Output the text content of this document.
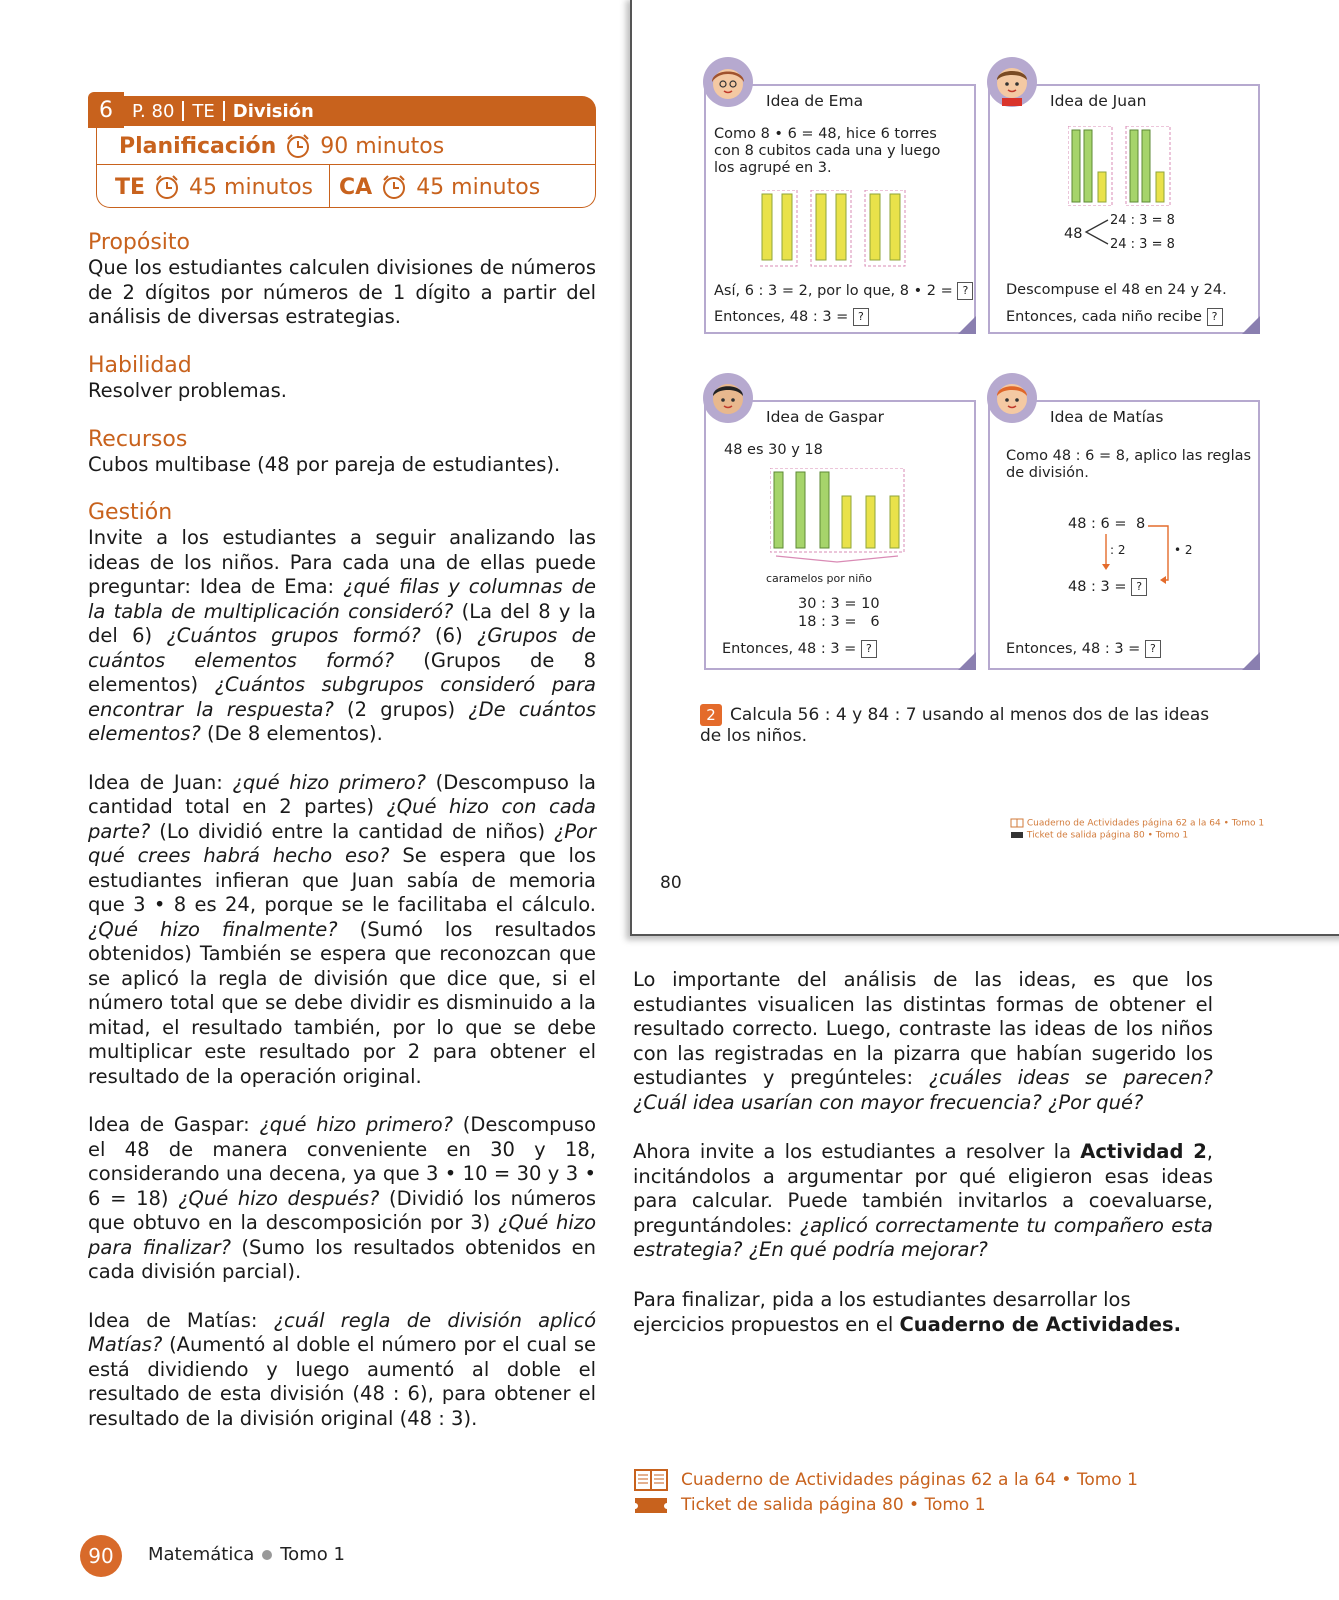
6	P. 80 TE División
Planificación 90 minutos
TE 45 minutos CA 45 minutos
Propósito
Que los estudiantes calculen divisiones de números de 2 dígitos por números de 1 dígito a partir del análisis de diversas estrategias.
Habilidad
Resolver problemas.
Recursos
Cubos multibase (48 por pareja de estudiantes).
Gestión
Invite a los estudiantes a seguir analizando las ideas de los niños. Para cada una de ellas puede preguntar: Idea de Ema: ¿qué filas y columnas de la tabla de multiplicación consideró? (La del 8 y la del 6) ¿Cuántos grupos formó? (6) ¿Grupos de cuántos elementos formó? (Grupos de 8 elementos) ¿Cuántos subgrupos consideró para encontrar la respuesta? (2 grupos) ¿De cuántos elementos? (De 8 elementos).
Idea de Juan: ¿qué hizo primero? (Descompuso la cantidad total en 2 partes) ¿Qué hizo con cada parte? (Lo dividió entre la cantidad de niños) ¿Por qué crees habrá hecho eso? Se espera que los estudiantes infieran que Juan sabía de memoria que 3 • 8 es 24, porque se le facilitaba el cálculo. ¿Qué hizo finalmente? (Sumó los resultados obtenidos) También se espera que reconozcan que se aplicó la regla de división que dice que, si el número total que se debe dividir es disminuido a la mitad, el resultado también, por lo que se debe multiplicar este resultado por 2 para obtener el resultado de la operación original.
Idea de Gaspar: ¿qué hizo primero? (Descompuso el 48 de manera conveniente en 30 y 18, considerando una decena, ya que 3 • 10 = 30 y 3 • 6 = 18) ¿Qué hizo después? (Dividió los números que obtuvo en la descomposición por 3) ¿Qué hizo para finalizar? (Sumo los resultados obtenidos en cada división parcial).
Idea de Matías: ¿cuál regla de división aplicó Matías? (Aumentó al doble el número por el cual se está dividiendo y luego aumentó al doble el resultado de esta división (48 : 6), para obtener el resultado de la división original (48 : 3).
Idea de Ema
Como 8 • 6 = 48, hice 6 torres con 8 cubitos cada una y luego los agrupé en 3.
Así, 6 : 3 = 2, por lo que, 8 • 2 = ?
Entonces, 48 : 3 = ?
Idea de Juan
48
24 : 3 = 8
24 : 3 = 8
Descompuse el 48 en 24 y 24.
Entonces, cada niño recibe ?
Idea de Gaspar
48 es 30 y 18
caramelos por niño
30 : 3 = 10
18 : 3 =   6
Entonces, 48 : 3 = ?
Idea de Matías
Como 48 : 6 = 8, aplico las reglas de división.
48 : 6 = 8
: 2	• 2
48 : 3 = ?
Entonces, 48 : 3 = ?
2 Calcula 56 : 4 y 84 : 7 usando al menos dos de las ideas de los niños.
Cuaderno de Actividades página 62 a la 64 • Tomo 1
Ticket de salida página 80 • Tomo 1
80
Lo importante del análisis de las ideas, es que los estudiantes visualicen las distintas formas de obtener el resultado correcto. Luego, contraste las ideas de los niños con las registradas en la pizarra que habían sugerido los estudiantes y pregúnteles: ¿cuáles ideas se parecen? ¿Cuál idea usarían con mayor frecuencia? ¿Por qué?
Ahora invite a los estudiantes a resolver la Actividad 2, incitándolos a argumentar por qué eligieron esas ideas para calcular. Puede también invitarlos a coevaluarse, preguntándoles: ¿aplicó correctamente tu compañero esta estrategia? ¿En qué podría mejorar?
Para finalizar, pida a los estudiantes desarrollar los ejercicios propuestos en el Cuaderno de Actividades.
Cuaderno de Actividades páginas 62 a la 64 • Tomo 1
Ticket de salida página 80 • Tomo 1
90	Matemática Tomo 1
